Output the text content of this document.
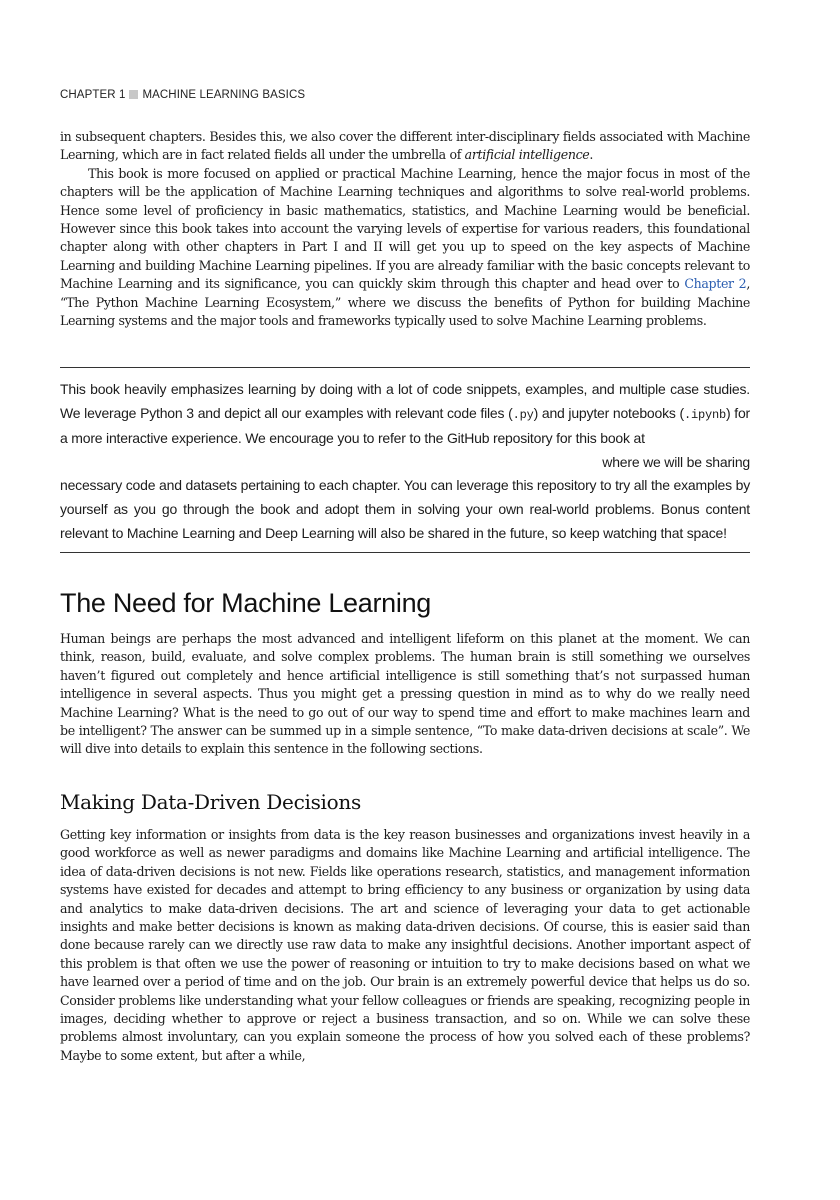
CHAPTER 1 MACHINE LEARNING BASICS

in subsequent chapters. Besides this, we also cover the different inter-disciplinary fields associated with Machine Learning, which are in fact related fields all under the umbrella of artificial intelligence.

This book is more focused on applied or practical Machine Learning, hence the major focus in most of the chapters will be the application of Machine Learning techniques and algorithms to solve real-world problems. Hence some level of proficiency in basic mathematics, statistics, and Machine Learning would be beneficial. However since this book takes into account the varying levels of expertise for various readers, this foundational chapter along with other chapters in Part I and II will get you up to speed on the key aspects of Machine Learning and building Machine Learning pipelines. If you are already familiar with the basic concepts relevant to Machine Learning and its significance, you can quickly skim through this chapter and head over to Chapter 2, “The Python Machine Learning Ecosystem,” where we discuss the benefits of Python for building Machine Learning systems and the major tools and frameworks typically used to solve Machine Learning problems.

This book heavily emphasizes learning by doing with a lot of code snippets, examples, and multiple case studies. We leverage Python 3 and depict all our examples with relevant code files (.py) and jupyter notebooks (.ipynb) for a more interactive experience. We encourage you to refer to the GitHub repository for this book at

where we will be sharing

necessary code and datasets pertaining to each chapter. You can leverage this repository to try all the examples by yourself as you go through the book and adopt them in solving your own real-world problems. Bonus content relevant to Machine Learning and Deep Learning will also be shared in the future, so keep watching that space!

The Need for Machine Learning

Human beings are perhaps the most advanced and intelligent lifeform on this planet at the moment. We can think, reason, build, evaluate, and solve complex problems. The human brain is still something we ourselves haven’t figured out completely and hence artificial intelligence is still something that’s not surpassed human intelligence in several aspects. Thus you might get a pressing question in mind as to why do we really need Machine Learning? What is the need to go out of our way to spend time and effort to make machines learn and be intelligent? The answer can be summed up in a simple sentence, “To make data-driven decisions at scale”. We will dive into details to explain this sentence in the following sections.

Making Data-Driven Decisions

Getting key information or insights from data is the key reason businesses and organizations invest heavily in a good workforce as well as newer paradigms and domains like Machine Learning and artificial intelligence. The idea of data-driven decisions is not new. Fields like operations research, statistics, and management information systems have existed for decades and attempt to bring efficiency to any business or organization by using data and analytics to make data-driven decisions. The art and science of leveraging your data to get actionable insights and make better decisions is known as making data-driven decisions. Of course, this is easier said than done because rarely can we directly use raw data to make any insightful decisions. Another important aspect of this problem is that often we use the power of reasoning or intuition to try to make decisions based on what we have learned over a period of time and on the job. Our brain is an extremely powerful device that helps us do so. Consider problems like understanding what your fellow colleagues or friends are speaking, recognizing people in images, deciding whether to approve or reject a business transaction, and so on. While we can solve these problems almost involuntary, can you explain someone the process of how you solved each of these problems? Maybe to some extent, but after a while,
